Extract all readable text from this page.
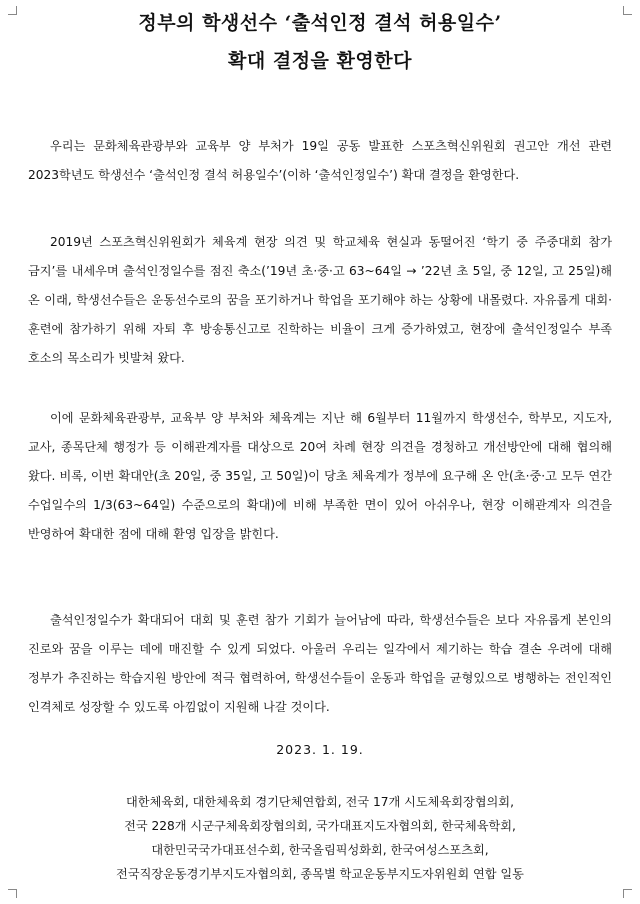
정부의 학생선수 ‘출석인정 결석 허용일수’
확대 결정을 환영한다

우리는 문화체육관광부와 교육부 양 부처가 19일 공동 발표한 스포츠혁신위원회 권고안 개선 관련 2023학년도 학생선수 ‘출석인정 결석 허용일수’(이하 ‘출석인정일수’) 확대 결정을 환영한다.

2019년 스포츠혁신위원회가 체육계 현장 의견 및 학교체육 현실과 동떨어진 ‘학기 중 주중대회 참가 금지’를 내세우며 출석인정일수를 점진 축소(’19년 초·중·고 63~64일 → ’22년 초 5일, 중 12일, 고 25일)해 온 이래, 학생선수들은 운동선수로의 꿈을 포기하거나 학업을 포기해야 하는 상황에 내몰렸다. 자유롭게 대회·훈련에 참가하기 위해 자퇴 후 방송통신고로 진학하는 비율이 크게 증가하였고, 현장에 출석인정일수 부족 호소의 목소리가 빗발쳐 왔다.

이에 문화체육관광부, 교육부 양 부처와 체육계는 지난 해 6월부터 11월까지 학생선수, 학부모, 지도자, 교사, 종목단체 행정가 등 이해관계자를 대상으로 20여 차례 현장 의견을 경청하고 개선방안에 대해 협의해 왔다. 비록, 이번 확대안(초 20일, 중 35일, 고 50일)이 당초 체육계가 정부에 요구해 온 안(초·중·고 모두 연간 수업일수의 1/3(63~64일) 수준으로의 확대)에 비해 부족한 면이 있어 아쉬우나, 현장 이해관계자 의견을 반영하여 확대한 점에 대해 환영 입장을 밝힌다.

출석인정일수가 확대되어 대회 및 훈련 참가 기회가 늘어남에 따라, 학생선수들은 보다 자유롭게 본인의 진로와 꿈을 이루는 데에 매진할 수 있게 되었다. 아울러 우리는 일각에서 제기하는 학습 결손 우려에 대해 정부가 추진하는 학습지원 방안에 적극 협력하여, 학생선수들이 운동과 학업을 균형있으로 병행하는 전인적인 인격체로 성장할 수 있도록 아낌없이 지원해 나갈 것이다.

2023. 1. 19.
대한체육회, 대한체육회 경기단체연합회, 전국 17개 시도체육회장협의회,
전국 228개 시군구체육회장협의회, 국가대표지도자협의회, 한국체육학회,
대한민국국가대표선수회, 한국올림픽성화회, 한국여성스포츠회,
전국직장운동경기부지도자협의회, 종목별 학교운동부지도자위원회 연합 일동
